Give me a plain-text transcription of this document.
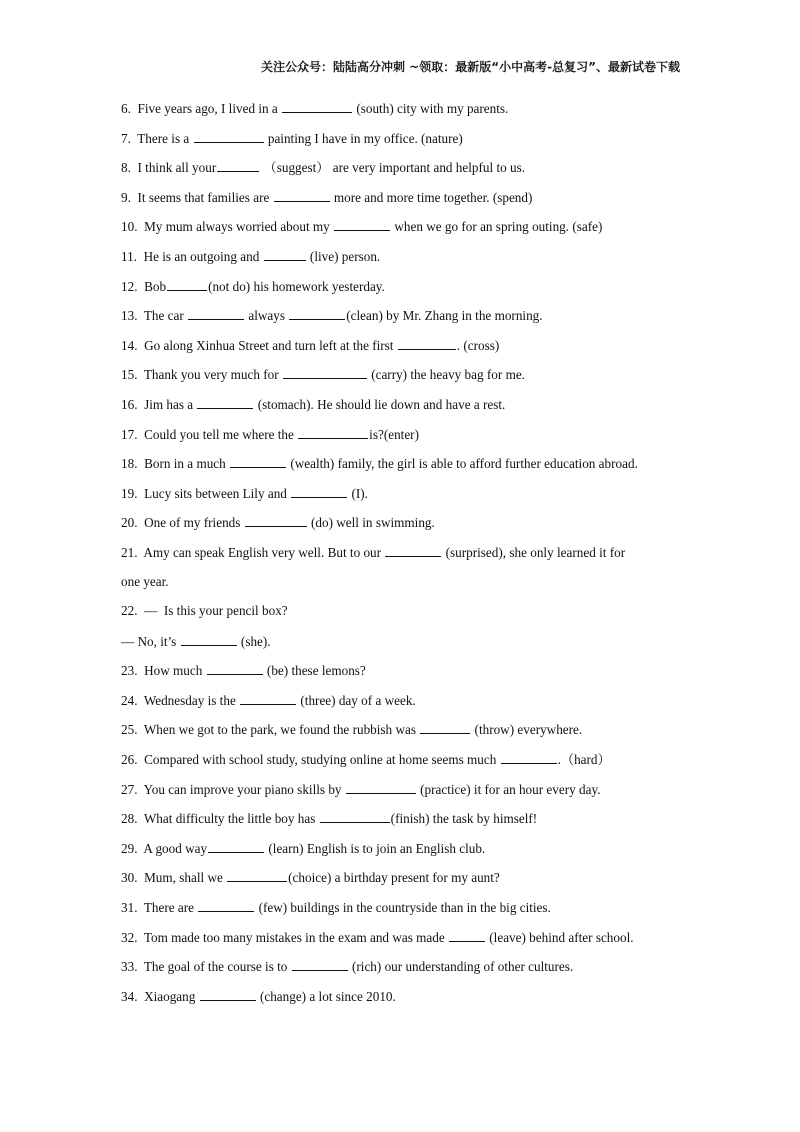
关注公众号：陆陆高分冲刺 ~领取：最新版“小中高考-总复习”、最新试卷下载
6.  Five years ago, I lived in a	(south) city with my parents.
7.  There is a	painting I have in my office. (nature)
8.  I think all your	（suggest） are very important and helpful to us.
9.  It seems that families are	more and more time together. (spend)
10.  My mum always worried about my	when we go for an spring outing. (safe)
11.  He is an outgoing and	(live) person.
12.  Bob	(not do) his homework yesterday.
13.  The car	always	(clean) by Mr. Zhang in the morning.
14.  Go along Xinhua Street and turn left at the first	. (cross)
15.  Thank you very much for	(carry) the heavy bag for me.
16.  Jim has a	(stomach). He should lie down and have a rest.
17.  Could you tell me where the	is?(enter)
18.  Born in a much	(wealth) family, the girl is able to afford further education abroad.
19.  Lucy sits between Lily and	(I).
20.  One of my friends	(do) well in swimming.
21.  Amy can speak English very well. But to our	(surprised), she only learned it for
one year.
22.  —  Is this your pencil box?
— No, it’s	(she).
23.  How much	(be) these lemons?
24.  Wednesday is the	(three) day of a week.
25.  When we got to the park, we found the rubbish was	(throw) everywhere.
26.  Compared with school study, studying online at home seems much	.（hard）
27.  You can improve your piano skills by	(practice) it for an hour every day.
28.  What difficulty the little boy has	(finish) the task by himself!
29.  A good way	(learn) English is to join an English club.
30.  Mum, shall we	(choice) a birthday present for my aunt?
31.  There are	(few) buildings in the countryside than in the big cities.
32.  Tom made too many mistakes in the exam and was made	(leave) behind after school.
33.  The goal of the course is to	(rich) our understanding of other cultures.
34.  Xiaogang	(change) a lot since 2010.
